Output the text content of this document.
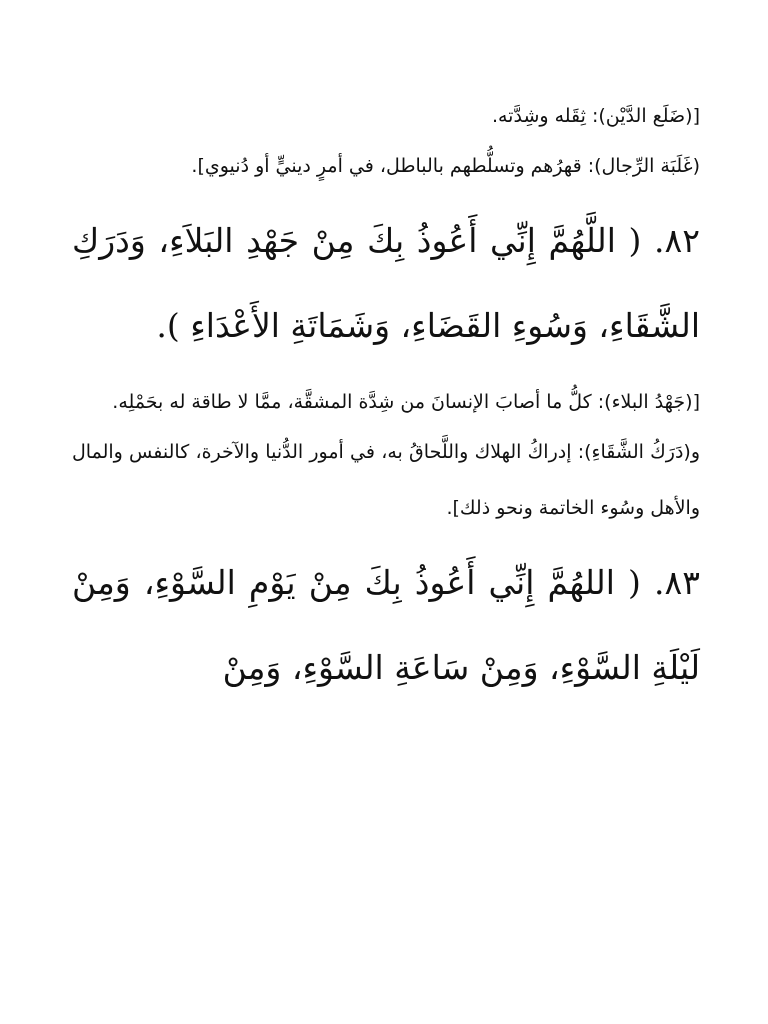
[(ضَلَع الدَّيْن): ثِقَله وشِدَّته.

(غَلَبَة الرِّجال): قهرُهم وتسلُّطهم بالباطل، في أمرٍ دينيٍّ أو دُنيوي].

٨٢. ( اللَّهُمَّ إِنِّي أَعُوذُ بِكَ مِنْ جَهْدِ البَلاَءِ، وَدَرَكِ الشَّقَاءِ، وَسُوءِ القَضَاءِ، وَشَمَاتَةِ الأَعْدَاءِ ).

[(جَهْدُ البلاء): كلُّ ما أصابَ الإنسانَ من شِدَّة المشقَّة، ممَّا لا طاقة له بحَمْلِه.

و(دَرَكُ الشَّقَاءِ): إدراكُ الهلاك واللَّحاقُ به، في أمور الدُّنيا والآخرة، كالنفس والمال والأهل وسُوء الخاتمة ونحو ذلك].

٨٣. ( اللهُمَّ إِنِّي أَعُوذُ بِكَ مِنْ يَوْمِ السَّوْءِ، وَمِنْ لَيْلَةِ السَّوْءِ، وَمِنْ سَاعَةِ السَّوْءِ، وَمِنْ
